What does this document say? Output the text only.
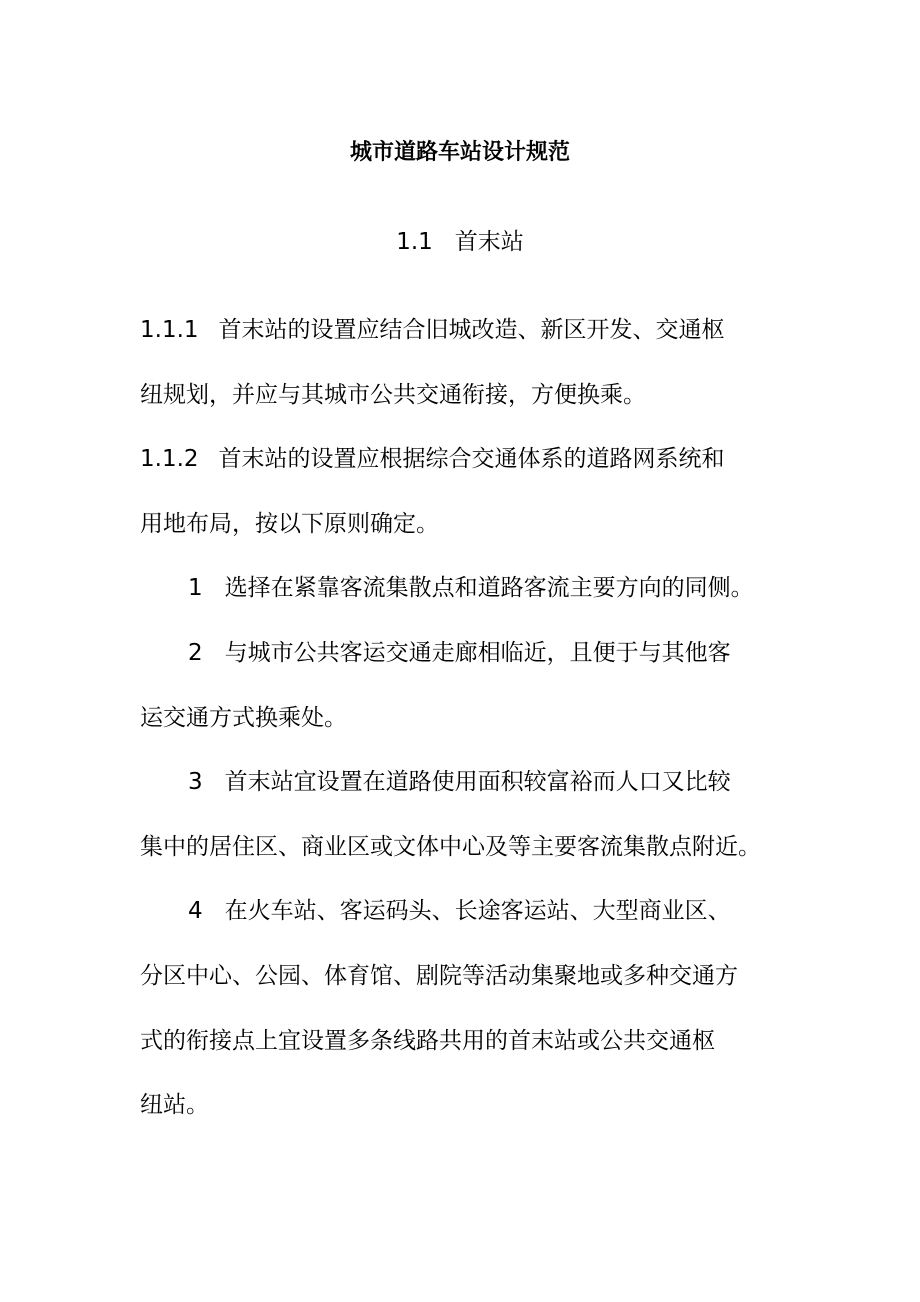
城市道路车站设计规范
1.1 首末站
1.1.1 首末站的设置应结合旧城改造、新区开发、交通枢
纽规划，并应与其城市公共交通衔接，方便换乘。
1.1.2 首末站的设置应根据综合交通体系的道路网系统和
用地布局，按以下原则确定。
1 选择在紧靠客流集散点和道路客流主要方向的同侧。
2 与城市公共客运交通走廊相临近，且便于与其他客
运交通方式换乘处。
3 首末站宜设置在道路使用面积较富裕而人口又比较
集中的居住区、商业区或文体中心及等主要客流集散点附近。
4 在火车站、客运码头、长途客运站、大型商业区、
分区中心、公园、体育馆、剧院等活动集聚地或多种交通方
式的衔接点上宜设置多条线路共用的首末站或公共交通枢
纽站。
